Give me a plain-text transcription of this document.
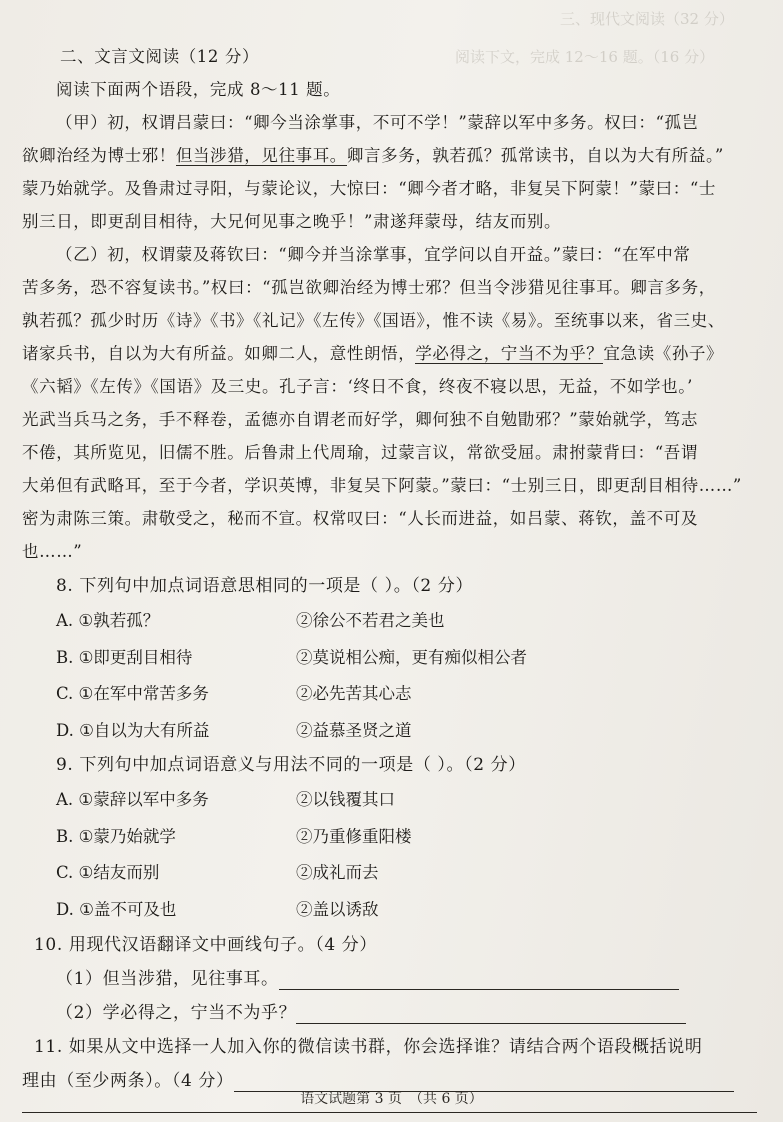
三、现代文阅读（32 分）
阅读下文，完成 12～16 题。（16 分）
二、文言文阅读（12 分）
阅读下面两个语段，完成 8～11 题。
（甲）初，权谓吕蒙曰：“卿今当涂掌事，不可不学！”蒙辞以军中多务。权曰：“孤岂
欲卿治经为博士邪！但当涉猎，见往事耳。卿言多务，孰若孤？孤常读书，自以为大有所益。”
蒙乃始就学。及鲁肃过寻阳，与蒙论议，大惊曰：“卿今者才略，非复吴下阿蒙！”蒙曰：“士
别三日，即更刮目相待，大兄何见事之晚乎！”肃遂拜蒙母，结友而别。
（乙）初，权谓蒙及蒋钦曰：“卿今并当涂掌事，宜学问以自开益。”蒙曰：“在军中常
苦多务，恐不容复读书。”权曰：“孤岂欲卿治经为博士邪？但当令涉猎见往事耳。卿言多务，
孰若孤？孤少时历《诗》《书》《礼记》《左传》《国语》，惟不读《易》。至统事以来，省三史、
诸家兵书，自以为大有所益。如卿二人，意性朗悟，学必得之，宁当不为乎？宜急读《孙子》
《六韬》《左传》《国语》及三史。孔子言：‘终日不食，终夜不寝以思，无益，不如学也。’
光武当兵马之务，手不释卷，孟德亦自谓老而好学，卿何独不自勉勖邪？”蒙始就学，笃志
不倦，其所览见，旧儒不胜。后鲁肃上代周瑜，过蒙言议，常欲受屈。肃拊蒙背曰：“吾谓
大弟但有武略耳，至于今者，学识英博，非复吴下阿蒙。”蒙曰：“士别三日，即更刮目相待……”
密为肃陈三策。肃敬受之，秘而不宣。权常叹曰：“人长而进益，如吕蒙、蒋钦，盖不可及
也……”
8. 下列句中加点词语意思相同的一项是（ ）。（2 分）
A. ①孰若孤？	②徐公不若君之美也
B. ①即更刮目相待	②莫说相公痴，更有痴似相公者
C. ①在军中常苦多务	②必先苦其心志
D. ①自以为大有所益	②益慕圣贤之道
9. 下列句中加点词语意义与用法不同的一项是（ ）。（2 分）
A. ①蒙辞以军中多务	②以钱覆其口
B. ①蒙乃始就学	②乃重修重阳楼
C. ①结友而别	②成礼而去
D. ①盖不可及也	②盖以诱敌
10. 用现代汉语翻译文中画线句子。（4 分）
（1）但当涉猎，见往事耳。
（2）学必得之，宁当不为乎？
11. 如果从文中选择一人加入你的微信读书群，你会选择谁？请结合两个语段概括说明
理由（至少两条）。（4 分）
语文试题第 3 页　（共 6 页）
